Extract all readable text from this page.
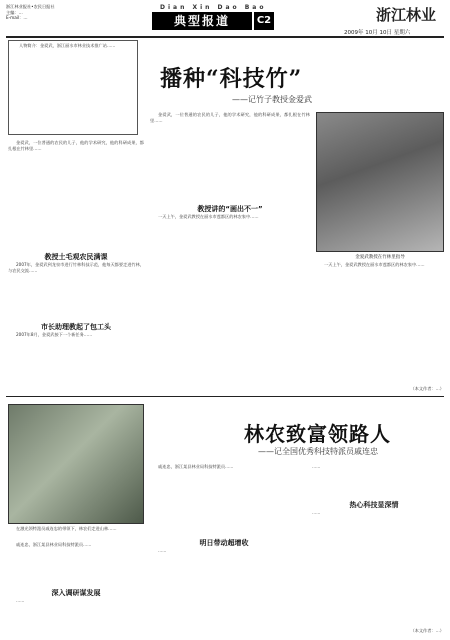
浙江林业报社•农民日报社
主编：…
E-mail：…
Dian Xin Dao Bao
典型报道	C2	浙江林业
2009年 10月 10日 星期六

人物简介：金爱武，浙江丽水市林业技术推广站……

播种“科技竹”
——记竹子教授金爱武
金爱武教授在竹林里指导

金爱武，一位普通的农民的儿子，他的学术研究，他的科研成果，都扎根在竹林里……

教授土毛观农民满课

2007年，金爱武到龙泉市进行竹林科技示范，他每天都要走进竹林，与农民交流……

市长助理教起了包工头

2007年8月，金爱武接下一个新任务……

金爱武，一位普通的农民的儿子，他的学术研究，他的科研成果，都扎根在竹林里……

教授讲的“画出不一”

一天上午，金爱武教授在丽水市莲都区的林农家中……

一天上午，金爱武教授在丽水市莲都区的林农家中……

（本文作者：…）
林农致富领路人
——记全国优秀科技特派员戚连忠

在激光领特派员戚连忠的带领下，林农们走进山林……

戚连忠，浙江某县林业局科技特派员……

深入调研谋发展

……

戚连忠，浙江某县林业局科技特派员……

明日带动超增收

……

……

热心科技显深情

……

（本文作者：…）
